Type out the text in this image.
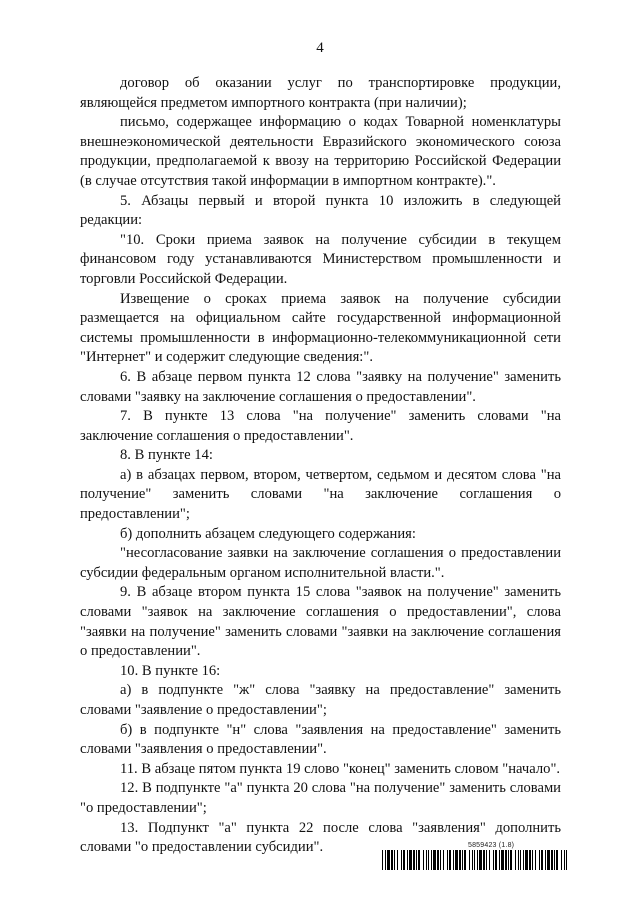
4

договор об оказании услуг по транспортировке продукции, являющейся предметом импортного контракта (при наличии);

письмо, содержащее информацию о кодах Товарной номенклатуры внешнеэкономической деятельности Евразийского экономического союза продукции, предполагаемой к ввозу на территорию Российской Федерации (в случае отсутствия такой информации в импортном контракте).".

5. Абзацы первый и второй пункта 10 изложить в следующей редакции:

"10. Сроки приема заявок на получение субсидии в текущем финансовом году устанавливаются Министерством промышленности и торговли Российской Федерации.

Извещение о сроках приема заявок на получение субсидии размещается на официальном сайте государственной информационной системы промышленности в информационно-телекоммуникационной сети "Интернет" и содержит следующие сведения:".

6. В абзаце первом пункта 12 слова "заявку на получение" заменить словами "заявку на заключение соглашения о предоставлении".

7. В пункте 13 слова "на получение" заменить словами "на заключение соглашения о предоставлении".

8. В пункте 14:

а) в абзацах первом, втором, четвертом, седьмом и десятом слова "на получение" заменить словами "на заключение соглашения о предоставлении";

б) дополнить абзацем следующего содержания:

"несогласование заявки на заключение соглашения о предоставлении субсидии федеральным органом исполнительной власти.".

9. В абзаце втором пункта 15 слова "заявок на получение" заменить словами "заявок на заключение соглашения о предоставлении", слова "заявки на получение" заменить словами "заявки на заключение соглашения о предоставлении".

10. В пункте 16:

а) в подпункте "ж" слова "заявку на предоставление" заменить словами "заявление о предоставлении";

б) в подпункте "н" слова "заявления на предоставление" заменить словами "заявления о предоставлении".

11. В абзаце пятом пункта 19 слово "конец" заменить словом "начало".

12. В подпункте "а" пункта 20 слова "на получение" заменить словами "о предоставлении";

13. Подпункт "а" пункта 22 после слова "заявления" дополнить словами "о предоставлении субсидии".	5859423 (1.8)
